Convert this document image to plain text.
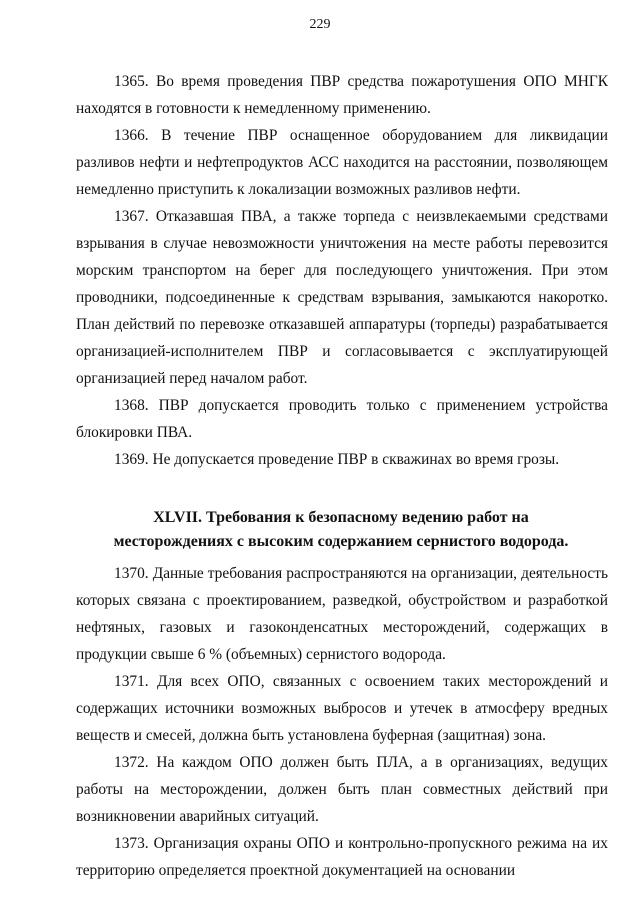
229

1365. Во время проведения ПВР средства пожаротушения ОПО МНГК находятся в готовности к немедленному применению.

1366. В течение ПВР оснащенное оборудованием для ликвидации разливов нефти и нефтепродуктов АСС находится на расстоянии, позволяющем немедленно приступить к локализации возможных разливов нефти.

1367. Отказавшая ПВА, а также торпеда с неизвлекаемыми средствами взрывания в случае невозможности уничтожения на месте работы перевозится морским транспортом на берег для последующего уничтожения. При этом проводники, подсоединенные к средствам взрывания, замыкаются накоротко. План действий по перевозке отказавшей аппаратуры (торпеды) разрабатывается организацией-исполнителем ПВР и согласовывается с эксплуатирующей организацией перед началом работ.

1368. ПВР допускается проводить только с применением устройства блокировки ПВА.

1369. Не допускается проведение ПВР в скважинах во время грозы.

XLVII. Требования к безопасному ведению работ на
месторождениях с высоким содержанием сернистого водорода.

1370. Данные требования распространяются на организации, деятельность которых связана с проектированием, разведкой, обустройством и разработкой нефтяных, газовых и газоконденсатных месторождений, содержащих в продукции свыше 6 % (объемных) сернистого водорода.

1371. Для всех ОПО, связанных с освоением таких месторождений и содержащих источники возможных выбросов и утечек в атмосферу вредных веществ и смесей, должна быть установлена буферная (защитная) зона.

1372. На каждом ОПО должен быть ПЛА, а в организациях, ведущих работы на месторождении, должен быть план совместных действий при возникновении аварийных ситуаций.

1373. Организация охраны ОПО и контрольно-пропускного режима на их территорию определяется проектной документацией на основании
